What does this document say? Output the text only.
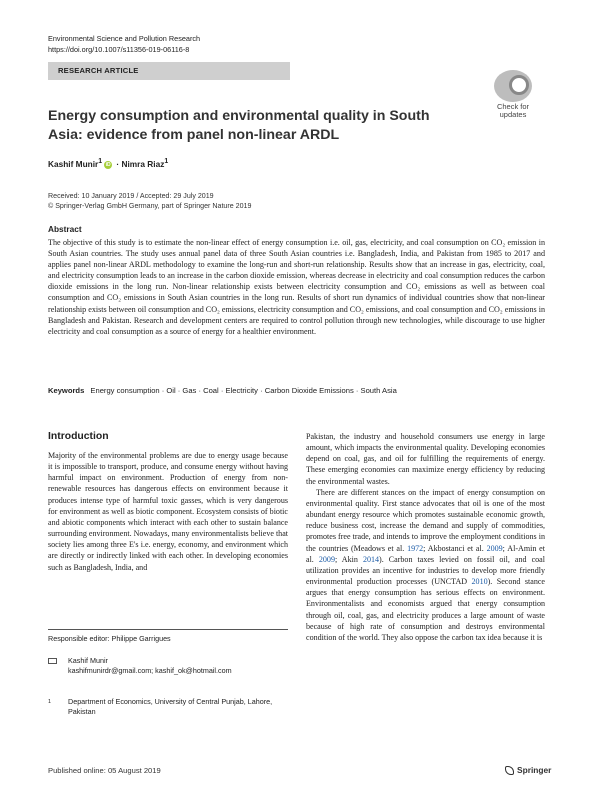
Environmental Science and Pollution Research
https://doi.org/10.1007/s11356-019-06116-8
RESEARCH ARTICLE
Check for
updates
Energy consumption and environmental quality in South Asia: evidence from panel non-linear ARDL
Kashif Munir$^1$ iD · Nimra Riaz$^1$
Received: 10 January 2019 / Accepted: 29 July 2019
© Springer-Verlag GmbH Germany, part of Springer Nature 2019
Abstract
The objective of this study is to estimate the non-linear effect of energy consumption i.e. oil, gas, electricity, and coal consumption on CO₂ emission in South Asian countries. The study uses annual panel data of three South Asian countries i.e. Bangladesh, India, and Pakistan from 1985 to 2017 and applies panel non-linear ARDL methodology to examine the long-run and short-run relationship. Results show that an increase in gas, electricity, coal, and electricity consumption leads to an increase in the carbon dioxide emission, whereas decrease in electricity and coal consumption reduces the carbon dioxide emissions in the long run. Non-linear relationship exists between electricity consumption and CO₂ emissions as well as between coal consumption and CO₂ emissions in South Asian countries in the long run. Results of short run dynamics of individual countries show that non-linear relationship exists between oil consumption and CO₂ emissions, electricity consumption and CO₂ emissions, and coal consumption and CO₂ emissions in Bangladesh and Pakistan. Research and development centers are required to control pollution through new technologies, while discourage to use higher electricity and coal consumption as a source of energy for a healthier environment.
Keywords Energy consumption · Oil · Gas · Coal · Electricity · Carbon Dioxide Emissions · South Asia
Introduction

Majority of the environmental problems are due to energy usage because it is impossible to transport, produce, and consume energy without having harmful impact on environment. Production of energy from non-renewable resources has dangerous effects on environment because it produces intense type of harmful toxic gasses, which is very dangerous for environment as well as biotic component. Ecosystem consists of biotic and abiotic components which interact with each other to sustain balance surrounding environment. Nowadays, many environmentalists believe that society lies among three E's i.e. energy, economy, and environment which are directly or indirectly linked with each other. In developing economies such as Bangladesh, India, and

Pakistan, the industry and household consumers use energy in large amount, which impacts the environmental quality. Developing economies depend on coal, gas, and oil for fulfilling the requirements of energy. These emerging economies can maximize energy efficiency by reducing the environmental wastes.

There are different stances on the impact of energy consumption on environmental quality. First stance advocates that oil is one of the most abundant energy resource which promotes sustainable economic growth, reduce business cost, increase the demand and supply of commodities, promotes free trade, and intends to improve the employment conditions in the countries (Meadows et al. 1972; Akbostanci et al. 2009; Al-Amin et al. 2009; Akin 2014). Carbon taxes levied on fossil oil, and coal utilization provides an incentive for industries to develop more friendly environmental production processes (UNCTAD 2010). Second stance argues that energy consumption has serious effects on environment. Environmentalists and economists argued that energy consumption through oil, coal, gas, and electricity produces a large amount of waste because of high rate of consumption and destroys environmental condition of the world. They also oppose the carbon tax idea because it is

Responsible editor: Philippe Garrigues
Kashif Munir
kashifmunirdr@gmail.com; kashif_ok@hotmail.com
1 Department of Economics, University of Central Punjab, Lahore, Pakistan
Published online: 05 August 2019	Springer
